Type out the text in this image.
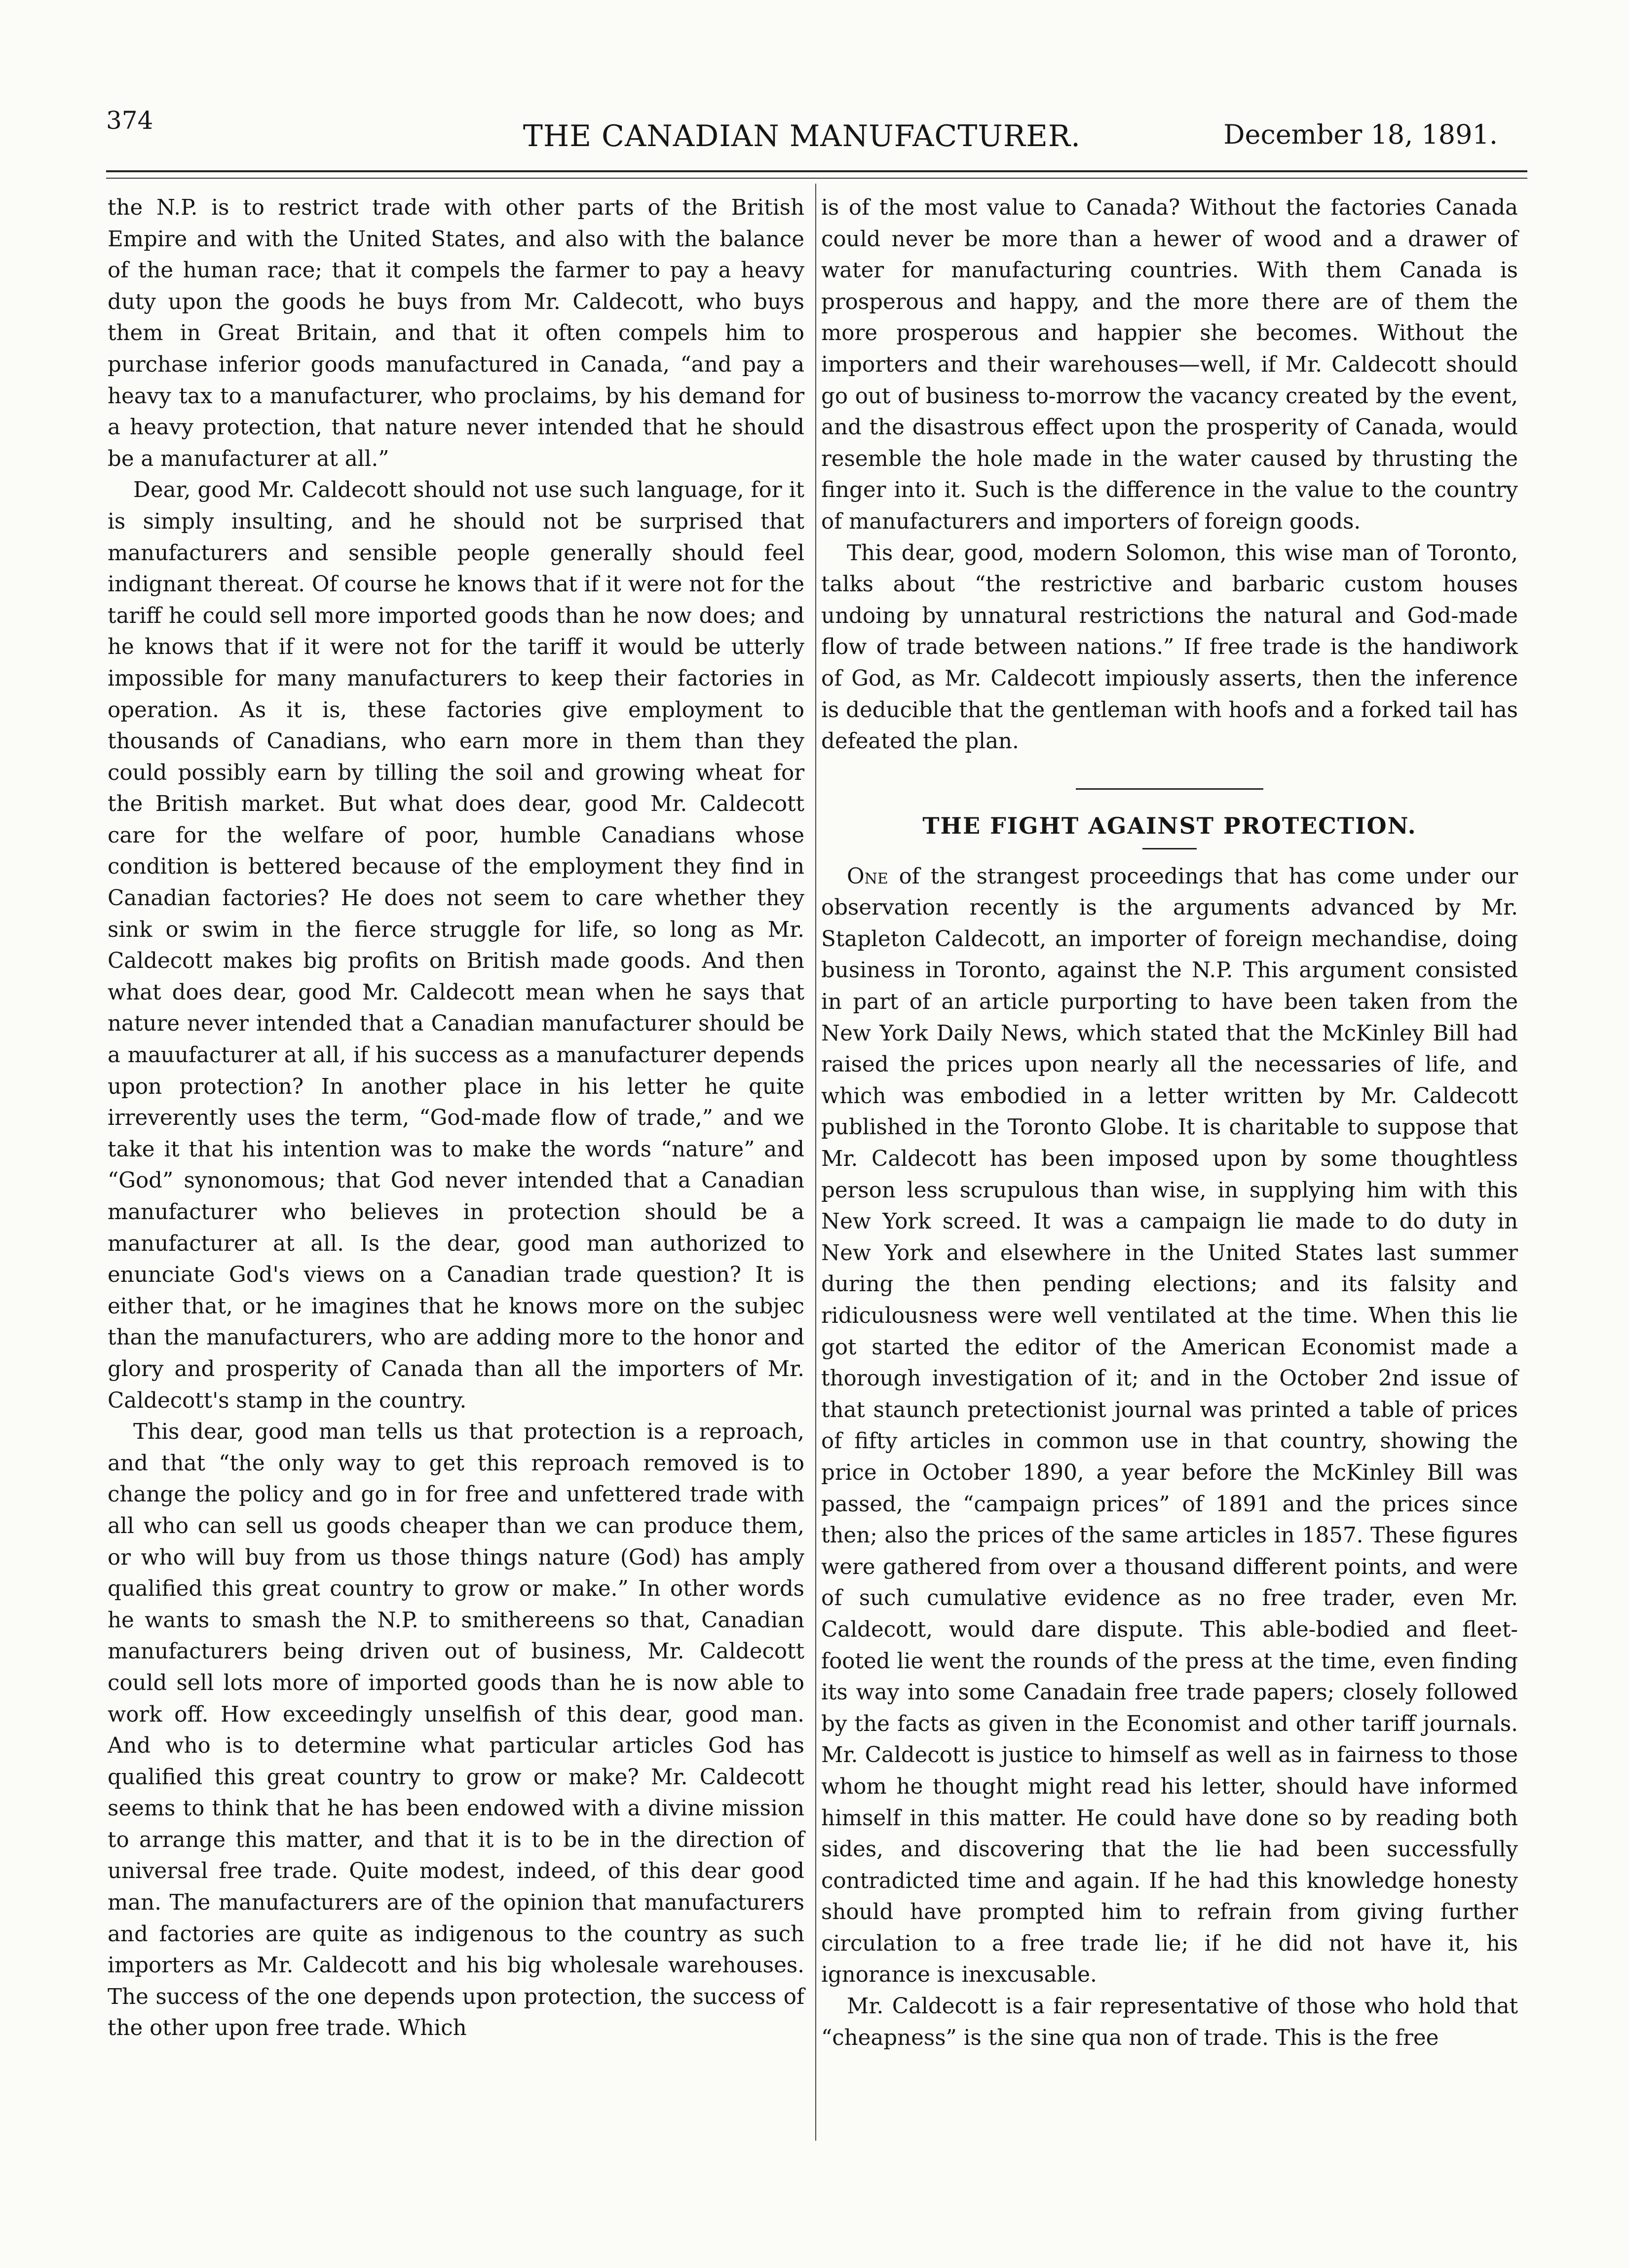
374	THE CANADIAN MANUFACTURER.	December 18, 1891.

the N.P. is to restrict trade with other parts of the British Empire and with the United States, and also with the balance of the human race; that it compels the farmer to pay a heavy duty upon the goods he buys from Mr. Caldecott, who buys them in Great Britain, and that it often compels him to purchase inferior goods manufactured in Canada, “and pay a heavy tax to a manufacturer, who proclaims, by his demand for a heavy protection, that nature never intended that he should be a manufacturer at all.”

Dear, good Mr. Caldecott should not use such language, for it is simply insulting, and he should not be surprised that manufacturers and sensible people generally should feel indignant thereat. Of course he knows that if it were not for the tariff he could sell more imported goods than he now does; and he knows that if it were not for the tariff it would be utterly impossible for many manufacturers to keep their factories in operation. As it is, these factories give employment to thousands of Canadians, who earn more in them than they could possibly earn by tilling the soil and growing wheat for the British market. But what does dear, good Mr. Caldecott care for the welfare of poor, humble Canadians whose condition is bettered because of the employment they find in Canadian factories? He does not seem to care whether they sink or swim in the fierce struggle for life, so long as Mr. Caldecott makes big profits on British made goods. And then what does dear, good Mr. Caldecott mean when he says that nature never intended that a Canadian manufacturer should be a mauufacturer at all, if his success as a manufacturer depends upon protection? In another place in his letter he quite irreverently uses the term, “God-made flow of trade,” and we take it that his intention was to make the words “nature” and “God” synonomous; that God never intended that a Canadian manufacturer who believes in protection should be a manufacturer at all. Is the dear, good man authorized to enunciate God's views on a Canadian trade question? It is either that, or he imagines that he knows more on the subjec than the manufacturers, who are adding more to the honor and glory and prosperity of Canada than all the importers of Mr. Caldecott's stamp in the country.

This dear, good man tells us that protection is a reproach, and that “the only way to get this reproach removed is to change the policy and go in for free and unfettered trade with all who can sell us goods cheaper than we can produce them, or who will buy from us those things nature (God) has amply qualified this great country to grow or make.” In other words he wants to smash the N.P. to smithereens so that, Canadian manufacturers being driven out of business, Mr. Caldecott could sell lots more of imported goods than he is now able to work off. How exceedingly unselfish of this dear, good man. And who is to determine what particular articles God has qualified this great country to grow or make? Mr. Caldecott seems to think that he has been endowed with a divine mission to arrange this matter, and that it is to be in the direction of universal free trade. Quite modest, indeed, of this dear good man. The manufacturers are of the opinion that manufacturers and factories are quite as indigenous to the country as such importers as Mr. Caldecott and his big wholesale warehouses. The success of the one depends upon protection, the success of the other upon free trade. Which

is of the most value to Canada? Without the factories Canada could never be more than a hewer of wood and a drawer of water for manufacturing countries. With them Canada is prosperous and happy, and the more there are of them the more prosperous and happier she becomes. Without the importers and their warehouses—well, if Mr. Caldecott should go out of business to-morrow the vacancy created by the event, and the disastrous effect upon the prosperity of Canada, would resemble the hole made in the water caused by thrusting the finger into it. Such is the difference in the value to the country of manufacturers and importers of foreign goods.

This dear, good, modern Solomon, this wise man of Toronto, talks about “the restrictive and barbaric custom houses undoing by unnatural restrictions the natural and God-made flow of trade between nations.” If free trade is the handiwork of God, as Mr. Caldecott impiously asserts, then the inference is deducible that the gentleman with hoofs and a forked tail has defeated the plan.

THE FIGHT AGAINST PROTECTION.

One of the strangest proceedings that has come under our observation recently is the arguments advanced by Mr. Stapleton Caldecott, an importer of foreign mechandise, doing business in Toronto, against the N.P. This argument consisted in part of an article purporting to have been taken from the New York Daily News, which stated that the McKinley Bill had raised the prices upon nearly all the necessaries of life, and which was embodied in a letter written by Mr. Caldecott published in the Toronto Globe. It is charitable to suppose that Mr. Caldecott has been imposed upon by some thoughtless person less scrupulous than wise, in supplying him with this New York screed. It was a campaign lie made to do duty in New York and elsewhere in the United States last summer during the then pending elections; and its falsity and ridiculousness were well ventilated at the time. When this lie got started the editor of the American Economist made a thorough investigation of it; and in the October 2nd issue of that staunch pretectionist journal was printed a table of prices of fifty articles in common use in that country, showing the price in October 1890, a year before the McKinley Bill was passed, the “campaign prices” of 1891 and the prices since then; also the prices of the same articles in 1857. These figures were gathered from over a thousand different points, and were of such cumulative evidence as no free trader, even Mr. Caldecott, would dare dispute. This able-bodied and fleet-footed lie went the rounds of the press at the time, even finding its way into some Canadain free trade papers; closely followed by the facts as given in the Economist and other tariff journals. Mr. Caldecott is justice to himself as well as in fairness to those whom he thought might read his letter, should have informed himself in this matter. He could have done so by reading both sides, and discovering that the lie had been successfully contradicted time and again. If he had this knowledge honesty should have prompted him to refrain from giving further circulation to a free trade lie; if he did not have it, his ignorance is inexcusable.

Mr. Caldecott is a fair representative of those who hold that “cheapness” is the sine qua non of trade. This is the free
